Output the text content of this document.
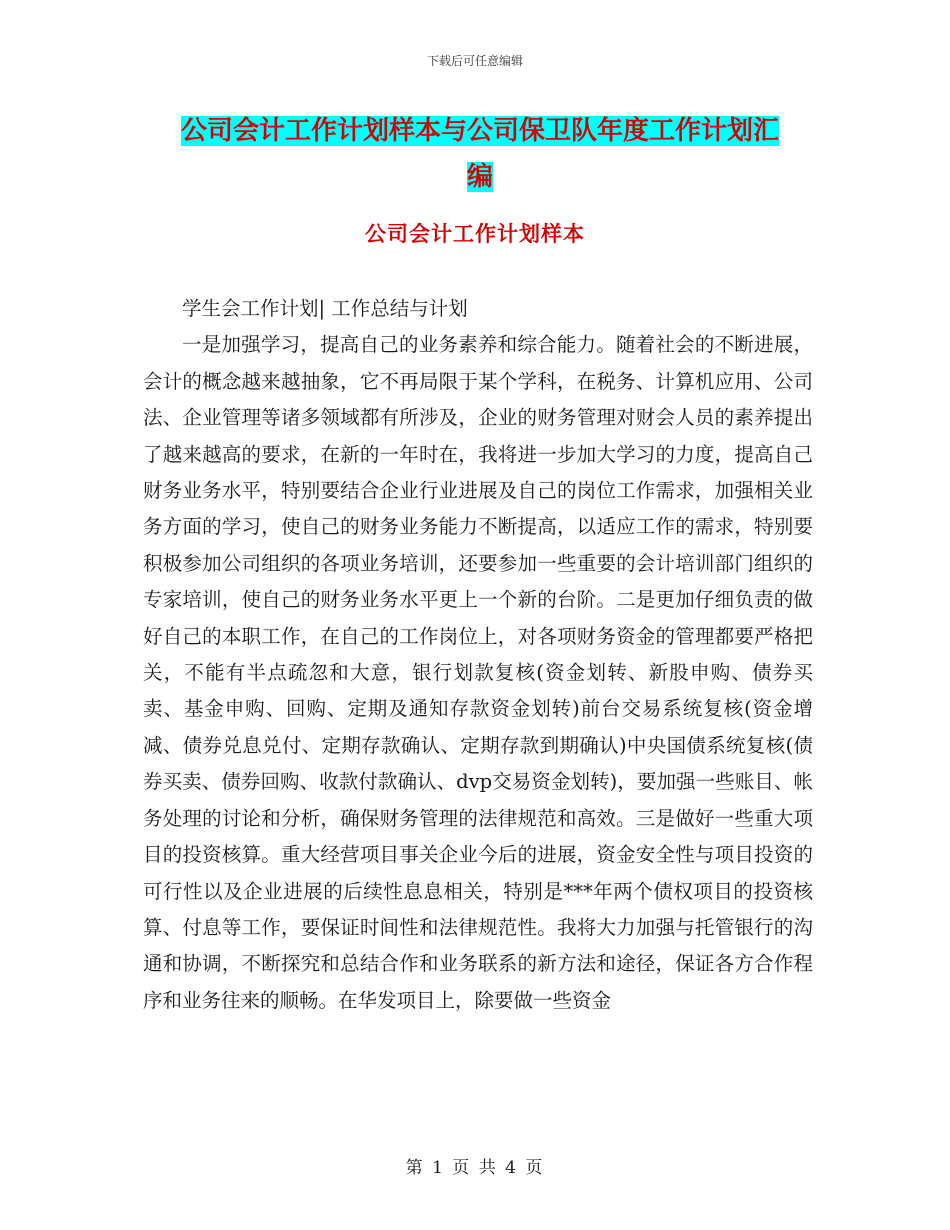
下载后可任意编辑
公司会计工作计划样本与公司保卫队年度工作计划汇
编
公司会计工作计划样本

学生会工作计划| 工作总结与计划

一是加强学习，提高自己的业务素养和综合能力。随着社会的不断进展，会计的概念越来越抽象，它不再局限于某个学科，在税务、计算机应用、公司法、企业管理等诸多领域都有所涉及，企业的财务管理对财会人员的素养提出了越来越高的要求，在新的一年时在，我将进一步加大学习的力度，提高自己财务业务水平，特别要结合企业行业进展及自己的岗位工作需求，加强相关业务方面的学习，使自己的财务业务能力不断提高，以适应工作的需求，特别要积极参加公司组织的各项业务培训，还要参加一些重要的会计培训部门组织的专家培训，使自己的财务业务水平更上一个新的台阶。二是更加仔细负责的做好自己的本职工作，在自己的工作岗位上，对各项财务资金的管理都要严格把关，不能有半点疏忽和大意，银行划款复核(资金划转、新股申购、债券买卖、基金申购、回购、定期及通知存款资金划转)前台交易系统复核(资金增减、债券兑息兑付、定期存款确认、定期存款到期确认)中央国债系统复核(债券买卖、债券回购、收款付款确认、dvp交易资金划转)，要加强一些账目、帐务处理的讨论和分析，确保财务管理的法律规范和高效。三是做好一些重大项目的投资核算。重大经营项目事关企业今后的进展，资金安全性与项目投资的可行性以及企业进展的后续性息息相关，特别是***年两个债权项目的投资核算、付息等工作，要保证时间性和法律规范性。我将大力加强与托管银行的沟通和协调，不断探究和总结合作和业务联系的新方法和途径，保证各方合作程序和业务往来的顺畅。在华发项目上，除要做一些资金

第 1 页 共 4 页
